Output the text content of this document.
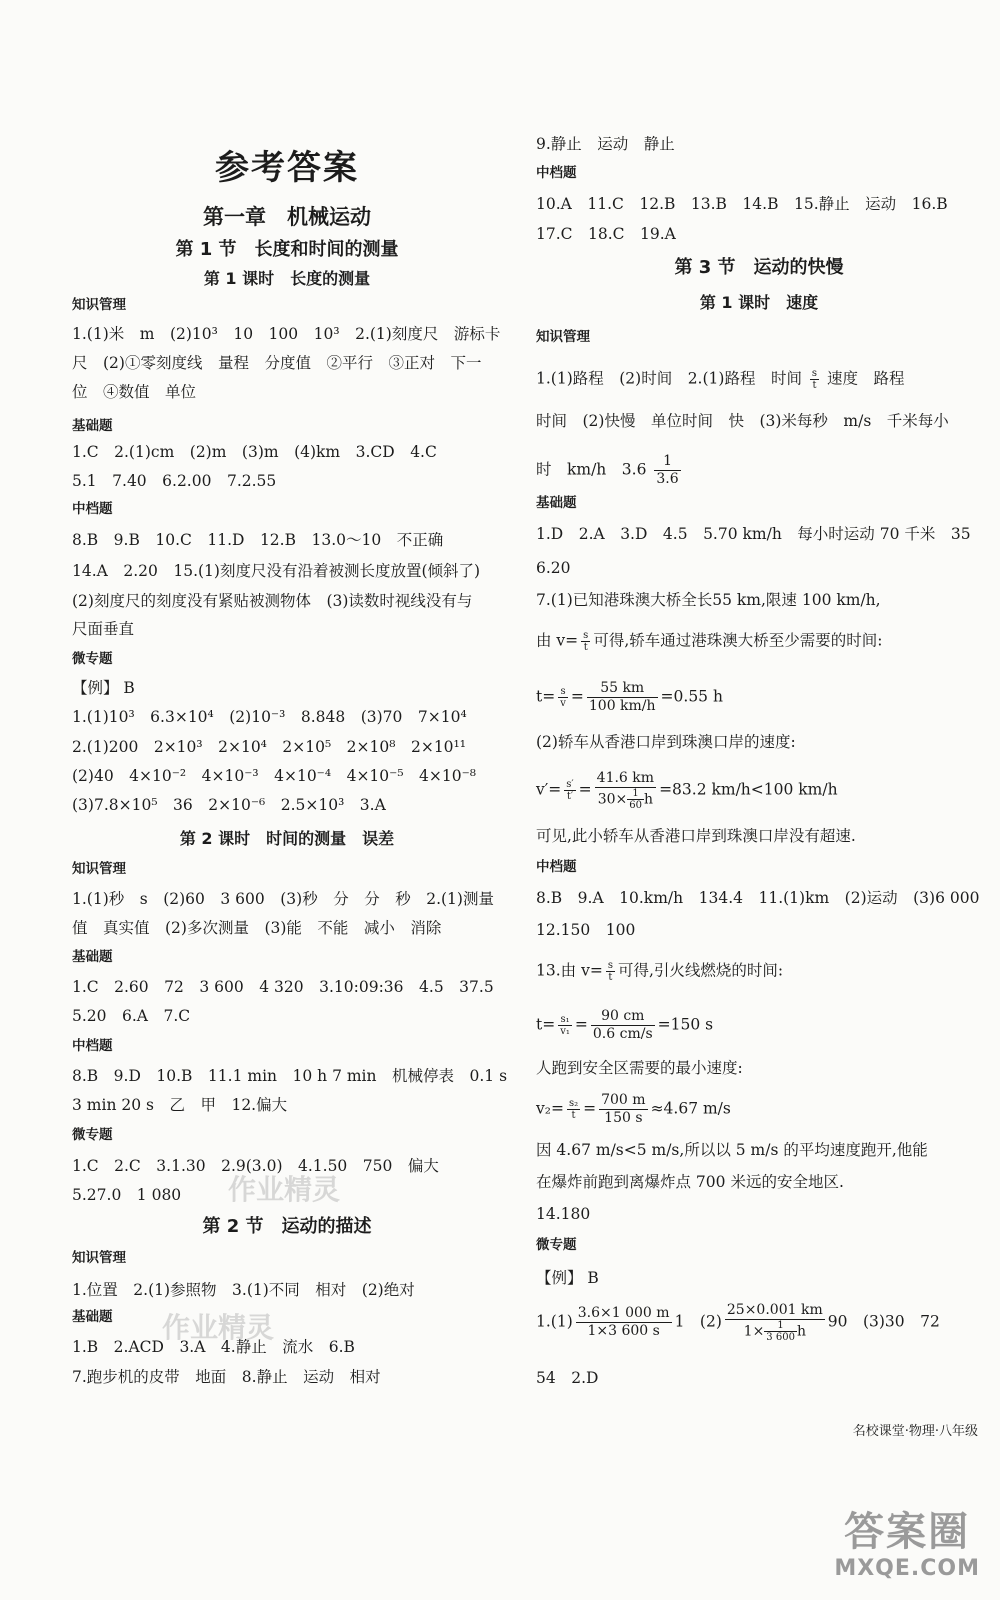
参考答案
第一章　机械运动
第 1 节　长度和时间的测量
第 1 课时　长度的测量
知识管理
1.(1)米　m　(2)10³　10　100　10³　2.(1)刻度尺　游标卡
尺　(2)①零刻度线　量程　分度值　②平行　③正对　下一
位　④数值　单位
基础题
1.C　2.(1)cm　(2)m　(3)m　(4)km　3.CD　4.C
5.1　7.40　6.2.00　7.2.55
中档题
8.B　9.B　10.C　11.D　12.B　13.0～10　不正确
14.A　2.20　15.(1)刻度尺没有沿着被测长度放置(倾斜了)
(2)刻度尺的刻度没有紧贴被测物体　(3)读数时视线没有与
尺面垂直
微专题
【例】 B
1.(1)10³　6.3×10⁴　(2)10⁻³　8.848　(3)70　7×10⁴
2.(1)200　2×10³　2×10⁴　2×10⁵　2×10⁸　2×10¹¹
(2)40　4×10⁻²　4×10⁻³　4×10⁻⁴　4×10⁻⁵　4×10⁻⁸
(3)7.8×10⁵　36　2×10⁻⁶　2.5×10³　3.A
第 2 课时　时间的测量　误差
知识管理
1.(1)秒　s　(2)60　3 600　(3)秒　分　分　秒　2.(1)测量
值　真实值　(2)多次测量　(3)能　不能　减小　消除
基础题
1.C　2.60　72　3 600　4 320　3.10:09:36　4.5　37.5
5.20　6.A　7.C
中档题
8.B　9.D　10.B　11.1 min　10 h 7 min　机械停表　0.1 s
3 min 20 s　乙　甲　12.偏大
微专题
1.C　2.C　3.1.30　2.9(3.0)　4.1.50　750　偏大
5.27.0　1 080
第 2 节　运动的描述
知识管理
1.位置　2.(1)参照物　3.(1)不同　相对　(2)绝对
基础题
1.B　2.ACD　3.A　4.静止　流水　6.B
7.跑步机的皮带　地面　8.静止　运动　相对
9.静止　运动　静止
中档题
10.A　11.C　12.B　13.B　14.B　15.静止　运动　16.B
17.C　18.C　19.A
第 3 节　运动的快慢
第 1 课时　速度
知识管理
1.(1)路程　(2)时间　2.(1)路程　时间 $\frac{s}{t}$ 速度　路程
时间　(2)快慢　单位时间　快　(3)米每秒　m/s　千米每小
时　km/h　$3.6 \frac{1}{3.6}$
基础题
1.D　2.A　3.D　4.5　5.70 km/h　每小时运动 70 千米　35
6.20
7.(1)已知港珠澳大桥全长55 km,限速 100 km/h,
由 $v= \frac{s}{t}$ 可得,轿车通过港珠澳大桥至少需要的时间:
$t= \frac{s}{v} = \frac{55 km}{100 km/h} =0.55$ h
(2)轿车从香港口岸到珠澳口岸的速度:
$v'= \frac{s'}{t'} = \frac{41.6 km}{30\times \frac{1}{60} h} =83.2$ km/h<100 km/h
可见,此小轿车从香港口岸到珠澳口岸没有超速.
中档题
8.B　9.A　10.km/h　134.4　11.(1)km　(2)运动　(3)6 000
12.150　100
13.由 $v= \frac{s}{t}$ 可得,引火线燃烧的时间:
$t= \frac{\text{s₁}}{\text{v₁}} = \frac{90 cm}{0.6 cm/s} =150$ s
人跑到安全区需要的最小速度:
$v_2= \frac{\text{s₂}}{t} = \frac{700 m}{150 s} \approx 4.67$ m/s
因 4.67 m/s<5 m/s,所以以 5 m/s 的平均速度跑开,他能
在爆炸前跑到离爆炸点 700 米远的安全地区.
14.180
微专题
【例】 B
$1.(1) \frac{3.6\times 1 000 m}{1\times 3 600 s} 1$　$(2) \frac{25\times 0.001 km}{1\times \frac{1}{3 600} h} 90$　(3)30　72
54　2.D
作业精灵
作业精灵
名校课堂·物理·八年级
答案圈
MXQE.COM
